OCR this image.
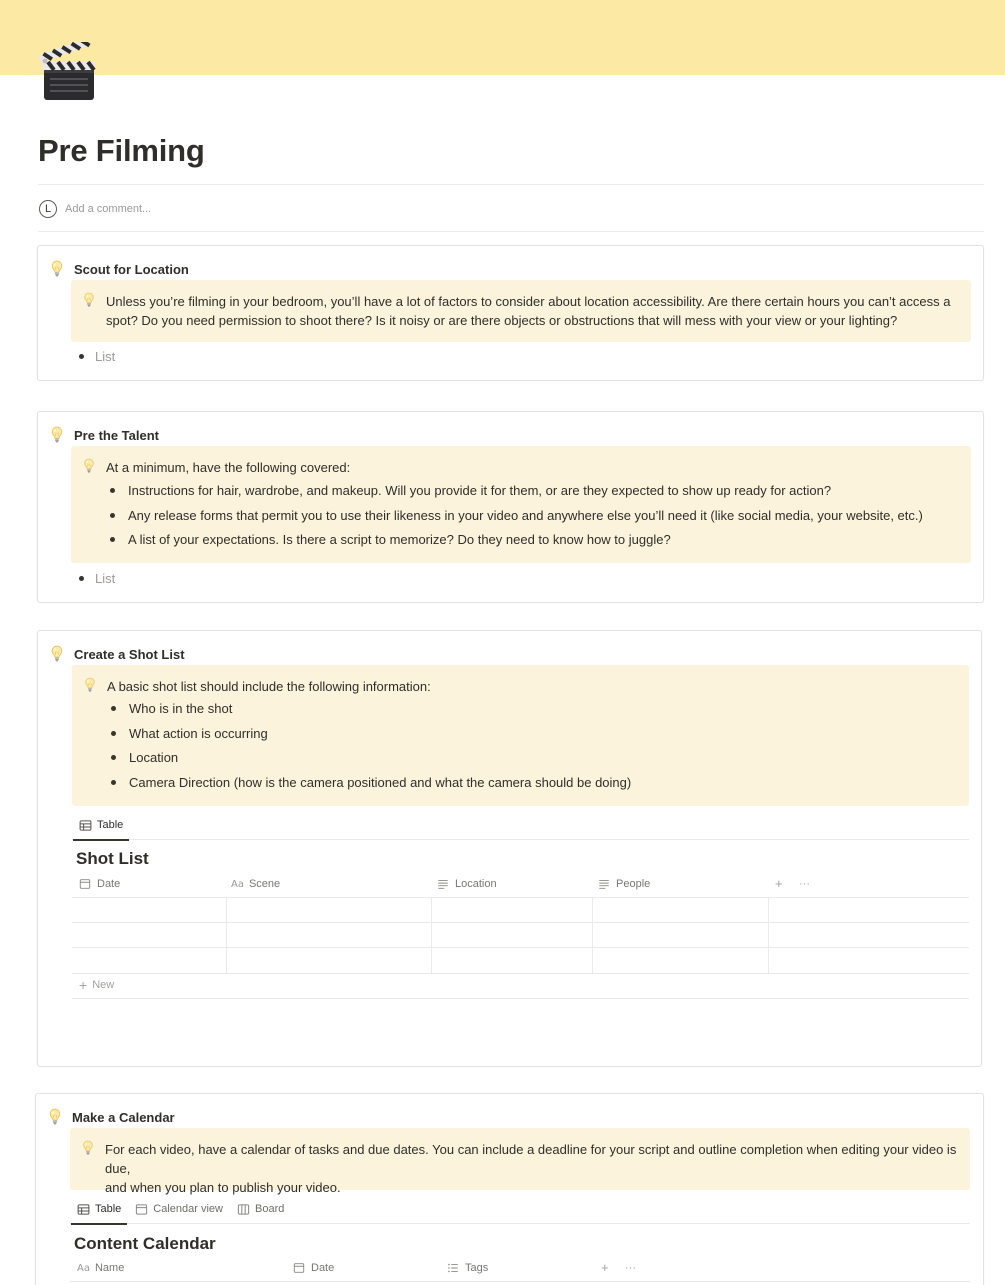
Pre Filming
L	Add a comment...
Scout for Location
Unless you’re filming in your bedroom, you’ll have a lot of factors to consider about location accessibility. Are there certain hours you can’t access a
spot? Do you need permission to shoot there? Is it noisy or are there objects or obstructions that will mess with your view or your lighting?
List
Pre the Talent
At a minimum, have the following covered:
Instructions for hair, wardrobe, and makeup. Will you provide it for them, or are they expected to show up ready for action?
Any release forms that permit you to use their likeness in your video and anywhere else you’ll need it (like social media, your website, etc.)
A list of your expectations. Is there a script to memorize? Do they need to know how to juggle?
List
Create a Shot List
A basic shot list should include the following information:
Who is in the shot
What action is occurring
Location
Camera Direction (how is the camera positioned and what the camera should be doing)
Table
Shot List
Date	Aa Scene	Location	People	+ ···
+ New
Make a Calendar
For each video, have a calendar of tasks and due dates. You can include a deadline for your script and outline completion when editing your video is due,
and when you plan to publish your video.
Table	Calendar view	Board
Content Calendar
Aa Name	Date	Tags	+ ···
